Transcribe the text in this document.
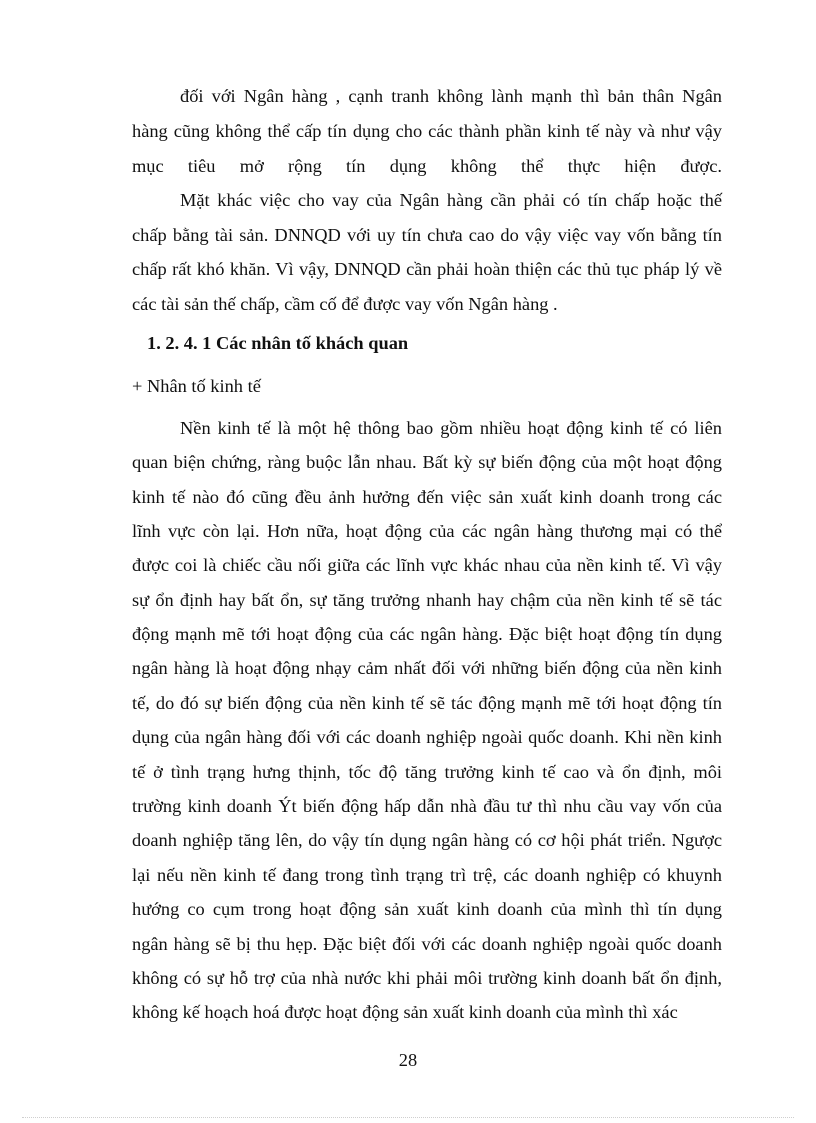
đối với Ngân hàng , cạnh tranh không lành mạnh thì bản thân Ngân
hàng cũng không thể cấp tín dụng cho các thành phần kinh tế này và như vậy
mục tiêu mở rộng tín dụng không thể thực hiện được.
Mặt khác việc cho vay của Ngân hàng cần phải có tín chấp hoặc thế
chấp bằng tài sản. DNNQD với uy tín chưa cao do vậy việc vay vốn bằng tín
chấp rất khó khăn. Vì vậy, DNNQD cần phải hoàn thiện các thủ tục pháp lý về
các tài sản thế chấp, cầm cố để được vay vốn Ngân hàng .
1. 2. 4. 1 Các nhân tố khách quan
+ Nhân tố kinh tế
Nền kinh tế là một hệ thông bao gồm nhiều hoạt động kinh tế có liên
quan biện chứng, ràng buộc lẫn nhau. Bất kỳ sự biến động của một hoạt động
kinh tế nào đó cũng đều ảnh hưởng đến việc sản xuất kinh doanh trong các
lĩnh vực còn lại. Hơn nữa, hoạt động của các ngân hàng thương mại có thể
được coi là chiếc cầu nối giữa các lĩnh vực khác nhau của nền kinh tế. Vì vậy
sự ổn định hay bất ổn, sự tăng trưởng nhanh hay chậm của nền kinh tế sẽ tác
động mạnh mẽ tới hoạt động của các ngân hàng. Đặc biệt hoạt động tín dụng
ngân hàng là hoạt động nhạy cảm nhất đối với những biến động của nền kinh
tế, do đó sự biến động của nền kinh tế sẽ tác động mạnh mẽ tới hoạt động tín
dụng của ngân hàng đối với các doanh nghiệp ngoài quốc doanh. Khi nền kinh
tế ở tình trạng hưng thịnh, tốc độ tăng trưởng kinh tế cao và ổn định, môi
trường kinh doanh Ýt biến động hấp dẫn nhà đầu tư thì nhu cầu vay vốn của
doanh nghiệp tăng lên, do vậy tín dụng ngân hàng có cơ hội phát triển. Ngược
lại nếu nền kinh tế đang trong tình trạng trì trệ, các doanh nghiệp có khuynh
hướng co cụm trong hoạt động sản xuất kinh doanh của mình thì tín dụng
ngân hàng sẽ bị thu hẹp. Đặc biệt đối với các doanh nghiệp ngoài quốc doanh
không có sự hỗ trợ của nhà nước khi phải môi trường kinh doanh bất ổn định,
không kế hoạch hoá được hoạt động sản xuất kinh doanh của mình thì xác
28
